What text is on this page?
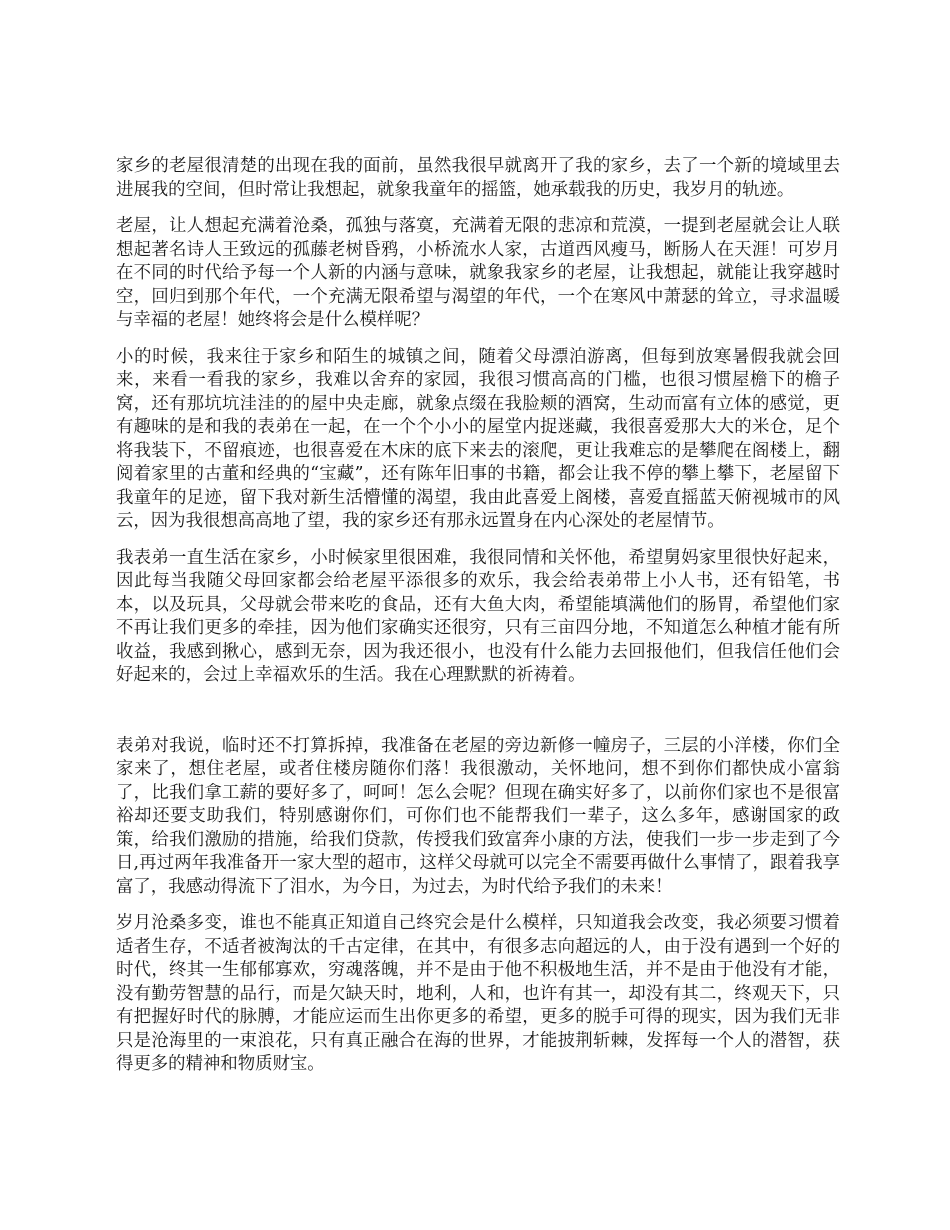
家乡的老屋很清楚的出现在我的面前，虽然我很早就离开了我的家乡，去了一个新的境域里去进展我的空间，但时常让我想起，就象我童年的摇篮，她承载我的历史，我岁月的轨迹。

老屋，让人想起充满着沧桑，孤独与落寞，充满着无限的悲凉和荒漠，一提到老屋就会让人联想起著名诗人王致远的孤藤老树昏鸦，小桥流水人家，古道西风瘦马，断肠人在天涯！可岁月在不同的时代给予每一个人新的内涵与意味，就象我家乡的老屋，让我想起，就能让我穿越时空，回归到那个年代，一个充满无限希望与渴望的年代，一个在寒风中萧瑟的耸立，寻求温暖与幸福的老屋！她终将会是什么模样呢？

小的时候，我来往于家乡和陌生的城镇之间，随着父母漂泊游离，但每到放寒暑假我就会回来，来看一看我的家乡，我难以舍弃的家园，我很习惯高高的门槛，也很习惯屋檐下的檐子窝，还有那坑坑洼洼的的屋中央走廊，就象点缀在我脸颊的酒窝，生动而富有立体的感觉，更有趣味的是和我的表弟在一起，在一个个小小的屋堂内捉迷藏，我很喜爱那大大的米仓，足个将我装下，不留痕迹，也很喜爱在木床的底下来去的滚爬，更让我难忘的是攀爬在阁楼上，翻阅着家里的古董和经典的“宝藏”，还有陈年旧事的书籍，都会让我不停的攀上攀下，老屋留下我童年的足迹，留下我对新生活懵懂的渴望，我由此喜爱上阁楼，喜爱直摇蓝天俯视城市的风云，因为我很想高高地了望，我的家乡还有那永远置身在内心深处的老屋情节。

我表弟一直生活在家乡，小时候家里很困难，我很同情和关怀他，希望舅妈家里很快好起来，因此每当我随父母回家都会给老屋平添很多的欢乐，我会给表弟带上小人书，还有铅笔，书本，以及玩具，父母就会带来吃的食品，还有大鱼大肉，希望能填满他们的肠胃，希望他们家不再让我们更多的牵挂，因为他们家确实还很穷，只有三亩四分地，不知道怎么种植才能有所收益，我感到揪心，感到无奈，因为我还很小，也没有什么能力去回报他们，但我信任他们会好起来的，会过上幸福欢乐的生活。我在心理默默的祈祷着。

表弟对我说，临时还不打算拆掉，我准备在老屋的旁边新修一幢房子，三层的小洋楼，你们全家来了，想住老屋，或者住楼房随你们落！我很激动，关怀地问，想不到你们都快成小富翁了，比我们拿工薪的要好多了，呵呵！怎么会呢？但现在确实好多了，以前你们家也不是很富裕却还要支助我们，特别感谢你们，可你们也不能帮我们一辈子，这么多年，感谢国家的政策，给我们激励的措施，给我们贷款，传授我们致富奔小康的方法，使我们一步一步走到了今日,再过两年我准备开一家大型的超市，这样父母就可以完全不需要再做什么事情了，跟着我享富了，我感动得流下了泪水，为今日，为过去，为时代给予我们的未来！

岁月沧桑多变，谁也不能真正知道自己终究会是什么模样，只知道我会改变，我必须要习惯着适者生存，不适者被淘汰的千古定律，在其中，有很多志向超远的人，由于没有遇到一个好的时代，终其一生郁郁寡欢，穷魂落魄，并不是由于他不积极地生活，并不是由于他没有才能，没有勤劳智慧的品行，而是欠缺天时，地利，人和，也许有其一，却没有其二，终观天下，只有把握好时代的脉膊，才能应运而生出你更多的希望，更多的脱手可得的现实，因为我们无非只是沧海里的一束浪花，只有真正融合在海的世界，才能披荆斩棘，发挥每一个人的潜智，获得更多的精神和物质财宝。
